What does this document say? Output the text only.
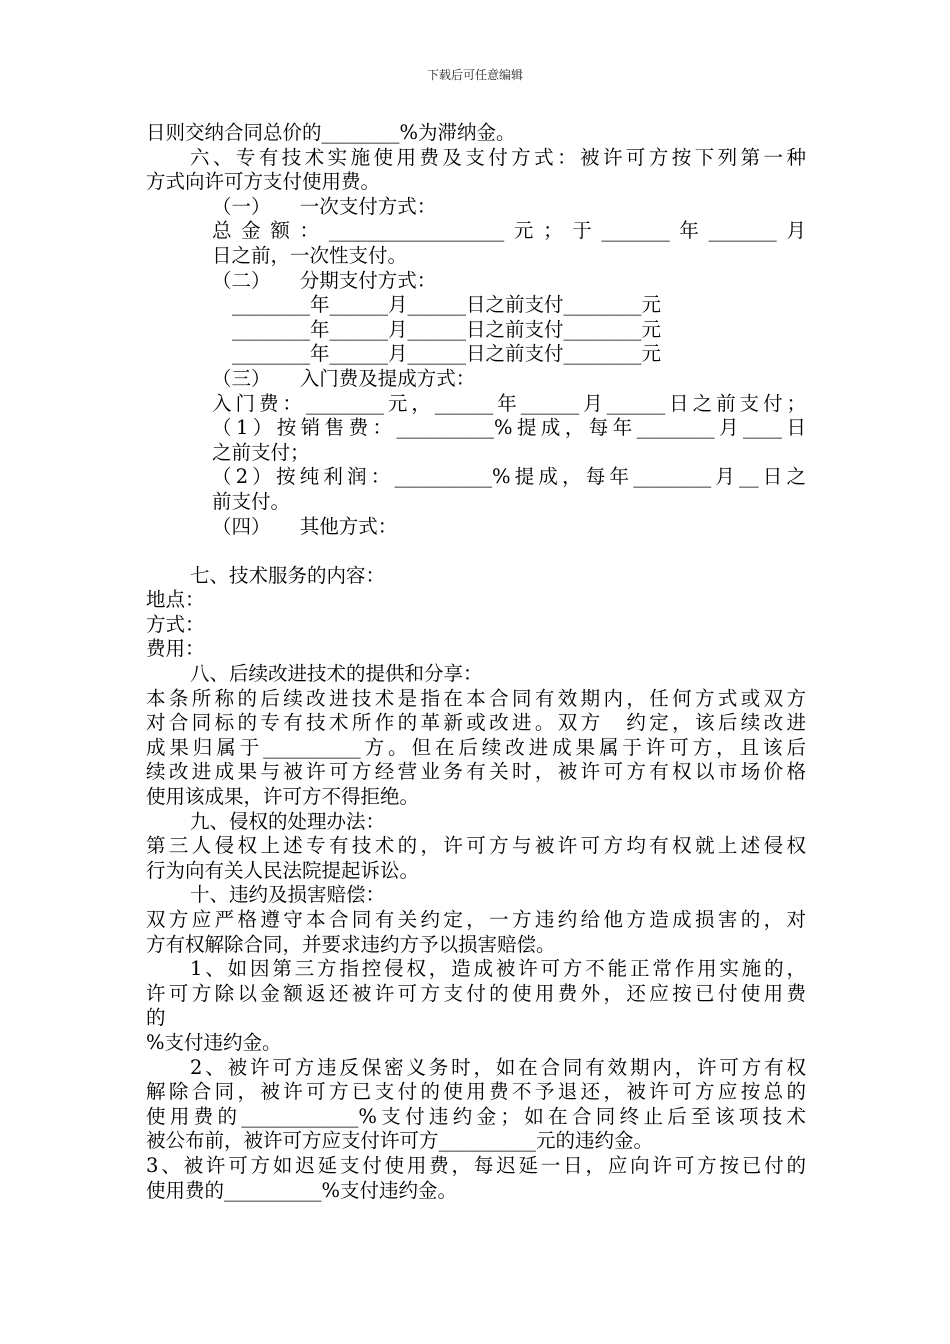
下载后可任意编辑
日则交纳合同总价的________%为滞纳金。
六、专有技术实施使用费及支付方式：被许可方按下列第一种
方式向许可方支付使用费。
（一）　　一次支付方式：
总金额：__________________元；于_______年_______月
日之前，一次性支付。
（二）　　分期支付方式：
________年______月______日之前支付________元
________年______月______日之前支付________元
________年______月______日之前支付________元
（三）　　入门费及提成方式：
入门费：________元，______年______月______日之前支付；
（1）按销售费：__________%提成，每年________月____日
之前支付；
（2）按纯利润：__________%提成，每年________月__日之
前支付。
（四）　　其他方式：
七、技术服务的内容：
地点：
方式：
费用：
八、后续改进技术的提供和分享：
本条所称的后续改进技术是指在本合同有效期内，任何方式或双方
对合同标的专有技术所作的革新或改进。双方　约定，该后续改进
成果归属于__________方。但在后续改进成果属于许可方，且该后
续改进成果与被许可方经营业务有关时，被许可方有权以市场价格
使用该成果，许可方不得拒绝。
九、侵权的处理办法：
第三人侵权上述专有技术的，许可方与被许可方均有权就上述侵权
行为向有关人民法院提起诉讼。
十、违约及损害赔偿：
双方应严格遵守本合同有关约定，一方违约给他方造成损害的，对
方有权解除合同，并要求违约方予以损害赔偿。
1、如因第三方指控侵权，造成被许可方不能正常作用实施的，
许可方除以金额返还被许可方支付的使用费外，还应按已付使用费
的
%支付违约金。
2、被许可方违反保密义务时，如在合同有效期内，许可方有权
解除合同，被许可方已支付的使用费不予退还，被许可方应按总的
使用费的____________%支付违约金；如在合同终止后至该项技术
被公布前，被许可方应支付许可方__________元的违约金。
3、被许可方如迟延支付使用费，每迟延一日，应向许可方按已付的
使用费的__________%支付违约金。
